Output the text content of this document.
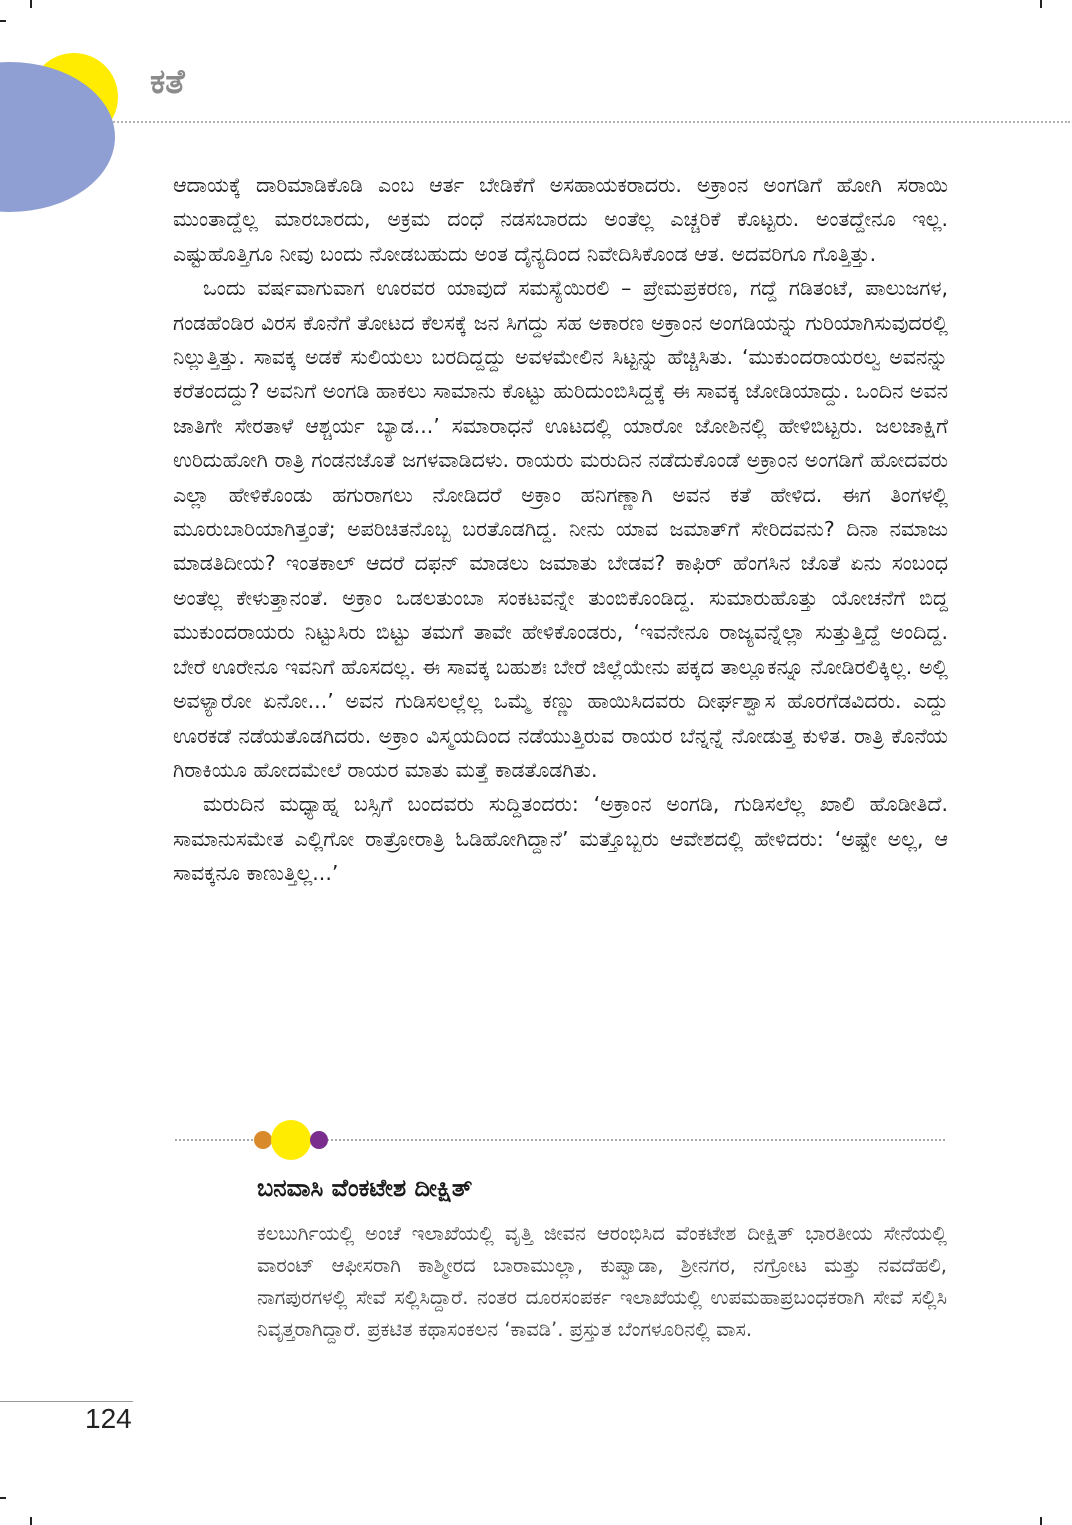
ಕತೆ

ಆದಾಯಕ್ಕೆ ದಾರಿಮಾಡಿಕೊಡಿ ಎಂಬ ಆರ್ತ ಬೇಡಿಕೆಗೆ ಅಸಹಾಯಕರಾದರು. ಅಕ್ರಾಂನ ಅಂಗಡಿಗೆ ಹೋಗಿ ಸರಾಯಿ ಮುಂತಾದ್ದೆಲ್ಲ ಮಾರಬಾರದು, ಅಕ್ರಮ ದಂಧೆ ನಡಸಬಾರದು ಅಂತೆಲ್ಲ ಎಚ್ಚರಿಕೆ ಕೊಟ್ಟರು. ಅಂತದ್ದೇನೂ ಇಲ್ಲ. ಎಷ್ಟುಹೊತ್ತಿಗೂ ನೀವು ಬಂದು ನೋಡಬಹುದು ಅಂತ ದೈನ್ಯದಿಂದ ನಿವೇದಿಸಿಕೊಂಡ ಆತ. ಅದವರಿಗೂ ಗೊತ್ತಿತ್ತು.

ಒಂದು ವರ್ಷವಾಗುವಾಗ ಊರವರ ಯಾವುದೆ ಸಮಸ್ಯೆಯಿರಲಿ – ಪ್ರೇಮಪ್ರಕರಣ, ಗದ್ದೆ ಗಡಿತಂಟೆ, ಪಾಲುಜಗಳ, ಗಂಡಹೆಂಡಿರ ವಿರಸ ಕೊನೆಗೆ ತೋಟದ ಕೆಲಸಕ್ಕೆ ಜನ ಸಿಗದ್ದು ಸಹ ಅಕಾರಣ ಅಕ್ರಾಂನ ಅಂಗಡಿಯನ್ನು ಗುರಿಯಾಗಿಸುವುದರಲ್ಲಿ ನಿಲ್ಲುತ್ತಿತ್ತು. ಸಾವಕ್ಕ ಅಡಕೆ ಸುಲಿಯಲು ಬರದಿದ್ದದ್ದು ಅವಳಮೇಲಿನ ಸಿಟ್ಟನ್ನು ಹೆಚ್ಚಿಸಿತು. ‘ಮುಕುಂದರಾಯರಲ್ವ ಅವನನ್ನು ಕರೆತಂದದ್ದು? ಅವನಿಗೆ ಅಂಗಡಿ ಹಾಕಲು ಸಾಮಾನು ಕೊಟ್ಟು ಹುರಿದುಂಬಿಸಿದ್ದಕ್ಕೆ ಈ ಸಾವಕ್ಕ ಜೋಡಿಯಾದ್ದು. ಒಂದಿನ ಅವನ ಜಾತಿಗೇ ಸೇರತಾಳೆ ಆಶ್ಚರ್ಯ ಬ್ಯಾಡ...’ ಸಮಾರಾಧನೆ ಊಟದಲ್ಲಿ ಯಾರೋ ಜೋಶಿನಲ್ಲಿ ಹೇಳಿಬಿಟ್ಟರು. ಜಲಜಾಕ್ಷಿಗೆ ಉರಿದುಹೋಗಿ ರಾತ್ರಿ ಗಂಡನಜೊತೆ ಜಗಳವಾಡಿದಳು. ರಾಯರು ಮರುದಿನ ನಡೆದುಕೊಂಡೆ ಅಕ್ರಾಂನ ಅಂಗಡಿಗೆ ಹೋದವರು ಎಲ್ಲಾ ಹೇಳಿಕೊಂಡು ಹಗುರಾಗಲು ನೋಡಿದರೆ ಅಕ್ರಾಂ ಹನಿಗಣ್ಣಾಗಿ ಅವನ ಕತೆ ಹೇಳಿದ. ಈಗ ತಿಂಗಳಲ್ಲಿ ಮೂರುಬಾರಿಯಾಗಿತ್ತಂತೆ; ಅಪರಿಚಿತನೊಬ್ಬ ಬರತೊಡಗಿದ್ದ. ನೀನು ಯಾವ ಜಮಾತ್‌ಗೆ ಸೇರಿದವನು? ದಿನಾ ನಮಾಜು ಮಾಡತಿದೀಯ? ಇಂತಕಾಲ್ ಆದರೆ ದಫನ್ ಮಾಡಲು ಜಮಾತು ಬೇಡವ? ಕಾಫಿರ್ ಹೆಂಗಸಿನ ಜೊತೆ ಏನು ಸಂಬಂಧ ಅಂತೆಲ್ಲ ಕೇಳುತ್ತಾನಂತೆ. ಅಕ್ರಾಂ ಒಡಲತುಂಬಾ ಸಂಕಟವನ್ನೇ ತುಂಬಿಕೊಂಡಿದ್ದ. ಸುಮಾರುಹೊತ್ತು ಯೋಚನೆಗೆ ಬಿದ್ದ ಮುಕುಂದರಾಯರು ನಿಟ್ಟುಸಿರು ಬಿಟ್ಟು ತಮಗೆ ತಾವೇ ಹೇಳಿಕೊಂಡರು, ‘ಇವನೇನೂ ರಾಜ್ಯವನ್ನೆಲ್ಲಾ ಸುತ್ತುತ್ತಿದ್ದೆ ಅಂದಿದ್ದ. ಬೇರೆ ಊರೇನೂ ಇವನಿಗೆ ಹೊಸದಲ್ಲ. ಈ ಸಾವಕ್ಕ ಬಹುಶಃ ಬೇರೆ ಜಿಲ್ಲೆಯೇನು ಪಕ್ಕದ ತಾಲ್ಲೂಕನ್ನೂ ನೋಡಿರಲಿಕ್ಕಿಲ್ಲ. ಅಲ್ಲಿ ಅವಳ್ಯಾರೋ ಏನೋ...’ ಅವನ ಗುಡಿಸಲಲ್ಲೆಲ್ಲ ಒಮ್ಮೆ ಕಣ್ಣು ಹಾಯಿಸಿದವರು ದೀರ್ಘಶ್ವಾಸ ಹೊರಗೆಡವಿದರು. ಎದ್ದು ಊರಕಡೆ ನಡೆಯತೊಡಗಿದರು. ಅಕ್ರಾಂ ವಿಸ್ಮಯದಿಂದ ನಡೆಯುತ್ತಿರುವ ರಾಯರ ಬೆನ್ನನ್ನೆ ನೋಡುತ್ತ ಕುಳಿತ. ರಾತ್ರಿ ಕೊನೆಯ ಗಿರಾಕಿಯೂ ಹೋದಮೇಲೆ ರಾಯರ ಮಾತು ಮತ್ತೆ ಕಾಡತೊಡಗಿತು.

ಮರುದಿನ ಮಧ್ಯಾಹ್ನ ಬಸ್ಸಿಗೆ ಬಂದವರು ಸುದ್ದಿತಂದರು: ‘ಅಕ್ರಾಂನ ಅಂಗಡಿ, ಗುಡಿಸಲೆಲ್ಲ ಖಾಲಿ ಹೊಡೀತಿದೆ. ಸಾಮಾನುಸಮೇತ ಎಲ್ಲಿಗೋ ರಾತ್ರೋರಾತ್ರಿ ಓಡಿಹೋಗಿದ್ದಾನೆ’ ಮತ್ತೊಬ್ಬರು ಆವೇಶದಲ್ಲಿ ಹೇಳಿದರು: ‘ಅಷ್ಟೇ ಅಲ್ಲ, ಆ ಸಾವಕ್ಕನೂ ಕಾಣುತ್ತಿಲ್ಲ...’

ಬನವಾಸಿ ವೆಂಕಟೇಶ ದೀಕ್ಷಿತ್
ಕಲಬುರ್ಗಿಯಲ್ಲಿ ಅಂಚೆ ಇಲಾಖೆಯಲ್ಲಿ ವೃತ್ತಿ ಜೀವನ ಆರಂಭಿಸಿದ ವೆಂಕಟೇಶ ದೀಕ್ಷಿತ್ ಭಾರತೀಯ ಸೇನೆಯಲ್ಲಿ ವಾರಂಟ್ ಆಫೀಸರಾಗಿ ಕಾಶ್ಮೀರದ ಬಾರಾಮುಲ್ಲಾ, ಕುಪ್ವಾಡಾ, ಶ್ರೀನಗರ, ನಗ್ರೋಟ ಮತ್ತು ನವದೆಹಲಿ, ನಾಗಪುರಗಳಲ್ಲಿ ಸೇವೆ ಸಲ್ಲಿಸಿದ್ದಾರೆ. ನಂತರ ದೂರಸಂಪರ್ಕ ಇಲಾಖೆಯಲ್ಲಿ ಉಪಮಹಾಪ್ರಬಂಧಕರಾಗಿ ಸೇವೆ ಸಲ್ಲಿಸಿ ನಿವೃತ್ತರಾಗಿದ್ದಾರೆ. ಪ್ರಕಟಿತ ಕಥಾಸಂಕಲನ ‘ಕಾವಡಿ’. ಪ್ರಸ್ತುತ ಬೆಂಗಳೂರಿನಲ್ಲಿ ವಾಸ.
124
